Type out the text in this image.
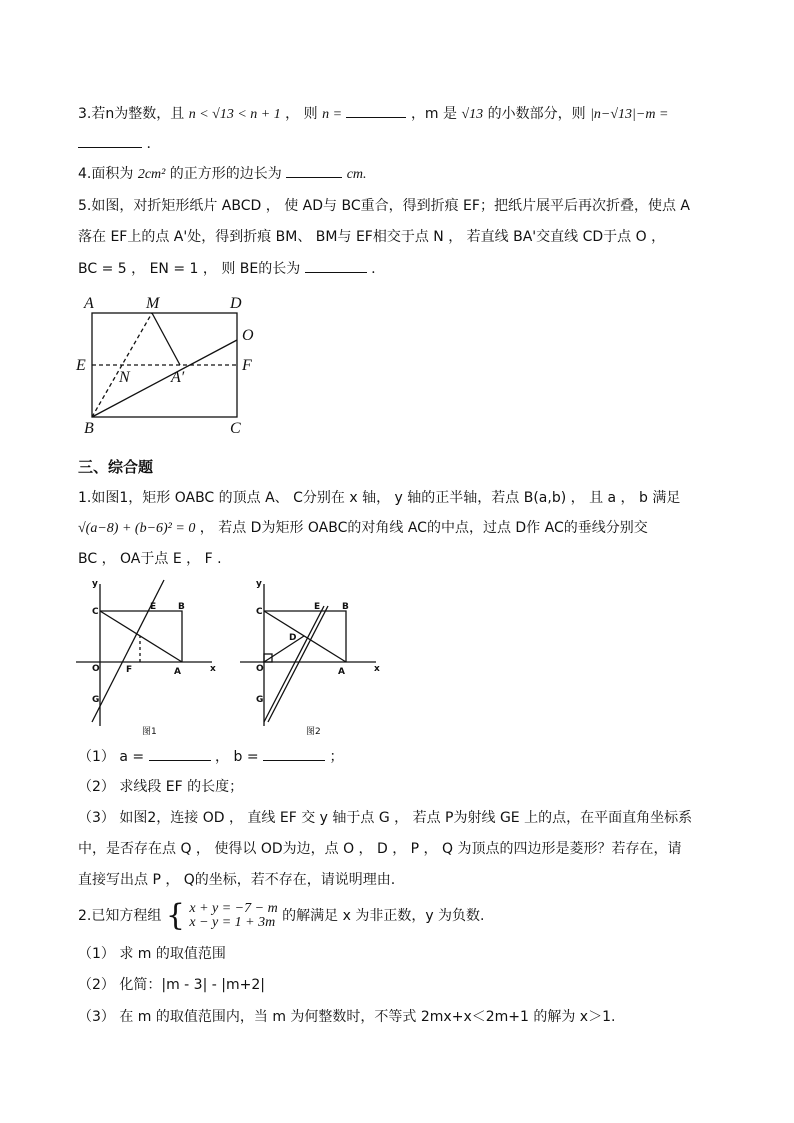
3.若n为整数，且 n < √13 < n + 1 ， 则 n =	，m 是 √13 的小数部分，则 |n−√13|−m =
.
4.面积为 2cm² 的正方形的边长为	cm.
5.如图，对折矩形纸片 ABCD ， 使 AD与 BC重合，得到折痕 EF；把纸片展平后再次折叠，使点 A
落在 EF上的点 A'处，得到折痕 BM、 BM与 EF相交于点 N ， 若直线 BA'交直线 CD于点 O ，
BC = 5 ， EN = 1 ， 则 BE的长为	.
A	M	D
O
E
N	A′
F
B	C
三、综合题
1.如图1，矩形 OABC 的顶点 A、 C分别在 x 轴， y 轴的正半轴，若点 B(a,b) ， 且 a ， b 满足
√(a−8) + (b−6)² = 0 ， 若点 D为矩形 OABC的对角线 AC的中点，过点 D作 AC的垂线分别交
BC ， OA于点 E ， F .
y
x
C	E B
O	F	A
G
图1
y
x
C	E B
D
O	A
G
图2
（1） a =	， b =	；
（2） 求线段 EF 的长度；
（3） 如图2，连接 OD ， 直线 EF 交 y 轴于点 G ， 若点 P为射线 GE 上的点，在平面直角坐标系
中，是否存在点 Q ， 使得以 OD为边，点 O ， D ， P ， Q 为顶点的四边形是菱形？若存在，请
直接写出点 P ， Q的坐标，若不存在，请说明理由.
2.已知方程组 { x + y = −7 − m
x − y = 1 + 3m 的解满足 x 为非正数，y 为负数.
（1） 求 m 的取值范围
（2） 化简：|m - 3| - |m+2|
（3） 在 m 的取值范围内，当 m 为何整数时，不等式 2mx+x＜2m+1 的解为 x＞1.
